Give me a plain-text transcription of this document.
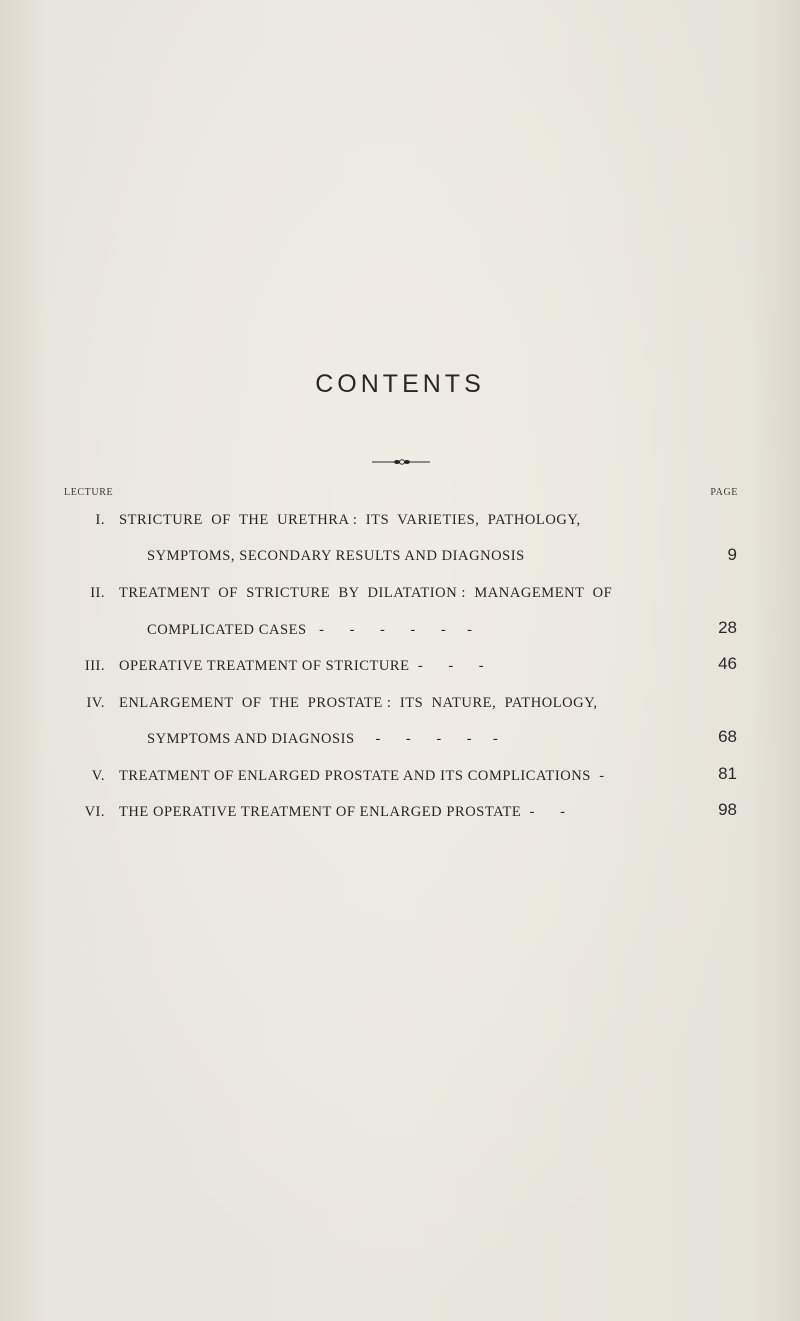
CONTENTS
LECTURE	PAGE
I. STRICTURE  OF  THE  URETHRA :  ITS  VARIETIES,  PATHOLOGY,
SYMPTOMS, SECONDARY RESULTS AND DIAGNOSIS	9
II. TREATMENT  OF  STRICTURE  BY  DILATATION :  MANAGEMENT  OF
COMPLICATED CASES   -      -      -      -      -     -	28
III. OPERATIVE TREATMENT OF STRICTURE  -      -      -	46
IV. ENLARGEMENT  OF  THE  PROSTATE :  ITS  NATURE,  PATHOLOGY,
SYMPTOMS AND DIAGNOSIS     -      -      -      -     -	68
V. TREATMENT OF ENLARGED PROSTATE AND ITS COMPLICATIONS  -	81
VI. THE OPERATIVE TREATMENT OF ENLARGED PROSTATE  -      -	98
